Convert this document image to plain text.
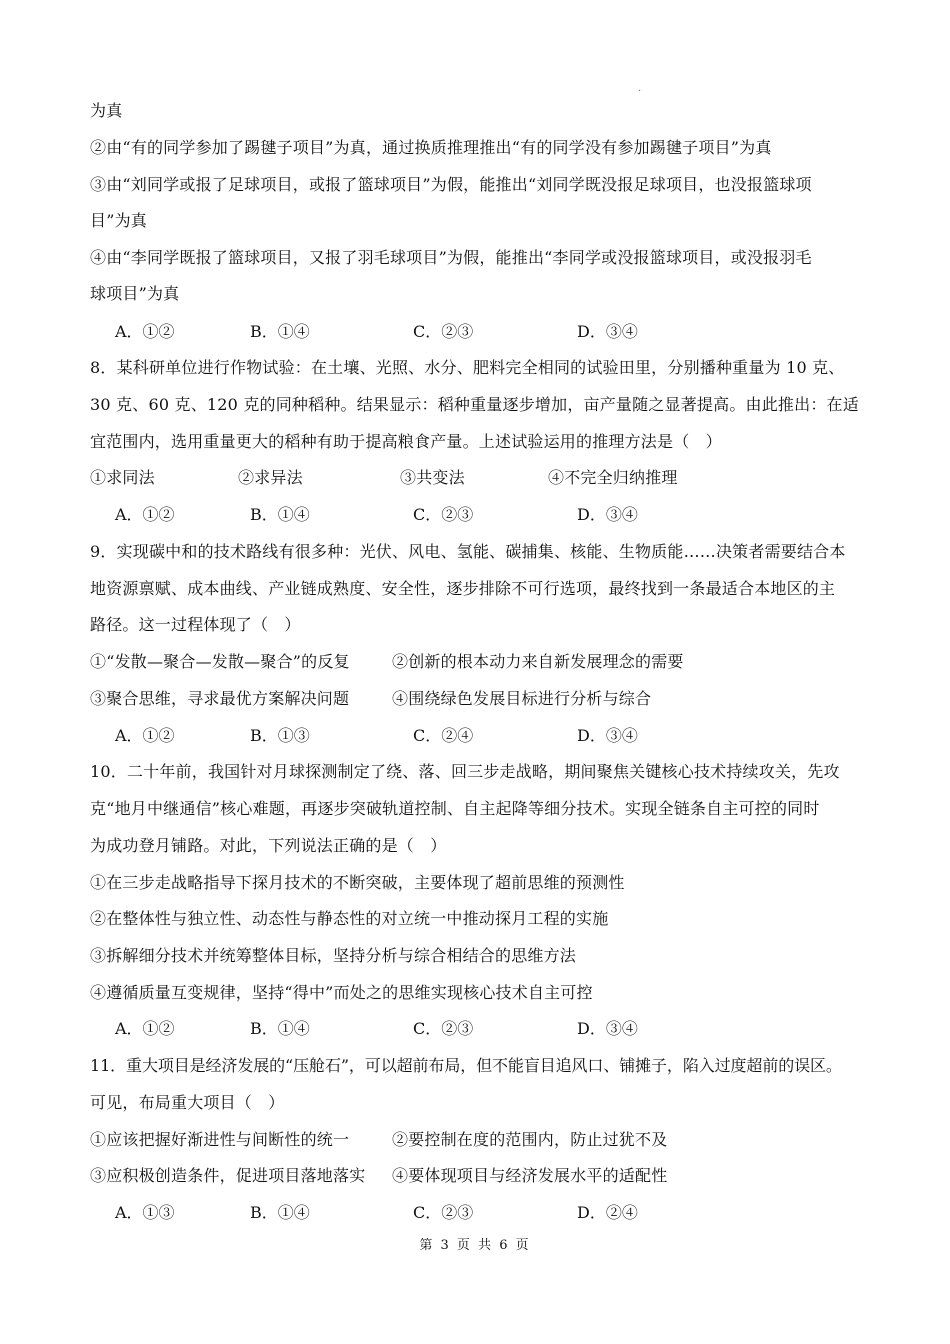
·
为真
②由“有的同学参加了踢毽子项目”为真，通过换质推理推出“有的同学没有参加踢毽子项目”为真
③由“刘同学或报了足球项目，或报了篮球项目”为假，能推出“刘同学既没报足球项目，也没报篮球项
目”为真
④由“李同学既报了篮球项目，又报了羽毛球项目”为假，能推出“李同学或没报篮球项目，或没报羽毛
球项目”为真
A．①②	B．①④	C．②③	D．③④
8．某科研单位进行作物试验：在土壤、光照、水分、肥料完全相同的试验田里，分别播种重量为 10 克、
30 克、60 克、120 克的同种稻种。结果显示：稻种重量逐步增加，亩产量随之显著提高。由此推出：在适
宜范围内，选用重量更大的稻种有助于提高粮食产量。上述试验运用的推理方法是（　）
①求同法	②求异法	③共变法	④不完全归纳推理
A．①②	B．①④	C．②③	D．③④
9．实现碳中和的技术路线有很多种：光伏、风电、氢能、碳捕集、核能、生物质能……决策者需要结合本
地资源禀赋、成本曲线、产业链成熟度、安全性，逐步排除不可行选项，最终找到一条最适合本地区的主
路径。这一过程体现了（　）
①“发散—聚合—发散—聚合”的反复	②创新的根本动力来自新发展理念的需要
③聚合思维，寻求最优方案解决问题	④围绕绿色发展目标进行分析与综合
A．①②	B．①③	C．②④	D．③④
10．二十年前，我国针对月球探测制定了绕、落、回三步走战略，期间聚焦关键核心技术持续攻关，先攻
克“地月中继通信”核心难题，再逐步突破轨道控制、自主起降等细分技术。实现全链条自主可控的同时
为成功登月铺路。对此，下列说法正确的是（　）
①在三步走战略指导下探月技术的不断突破，主要体现了超前思维的预测性
②在整体性与独立性、动态性与静态性的对立统一中推动探月工程的实施
③拆解细分技术并统筹整体目标，坚持分析与综合相结合的思维方法
④遵循质量互变规律，坚持“得中”而处之的思维实现核心技术自主可控
A．①②	B．①④	C．②③	D．③④
11．重大项目是经济发展的“压舱石”，可以超前布局，但不能盲目追风口、铺摊子，陷入过度超前的误区。
可见，布局重大项目（　）
①应该把握好渐进性与间断性的统一	②要控制在度的范围内，防止过犹不及
③应积极创造条件，促进项目落地落实 ④要体现项目与经济发展水平的适配性
A．①③	B．①④	C．②③	D．②④
第 3 页 共 6 页
